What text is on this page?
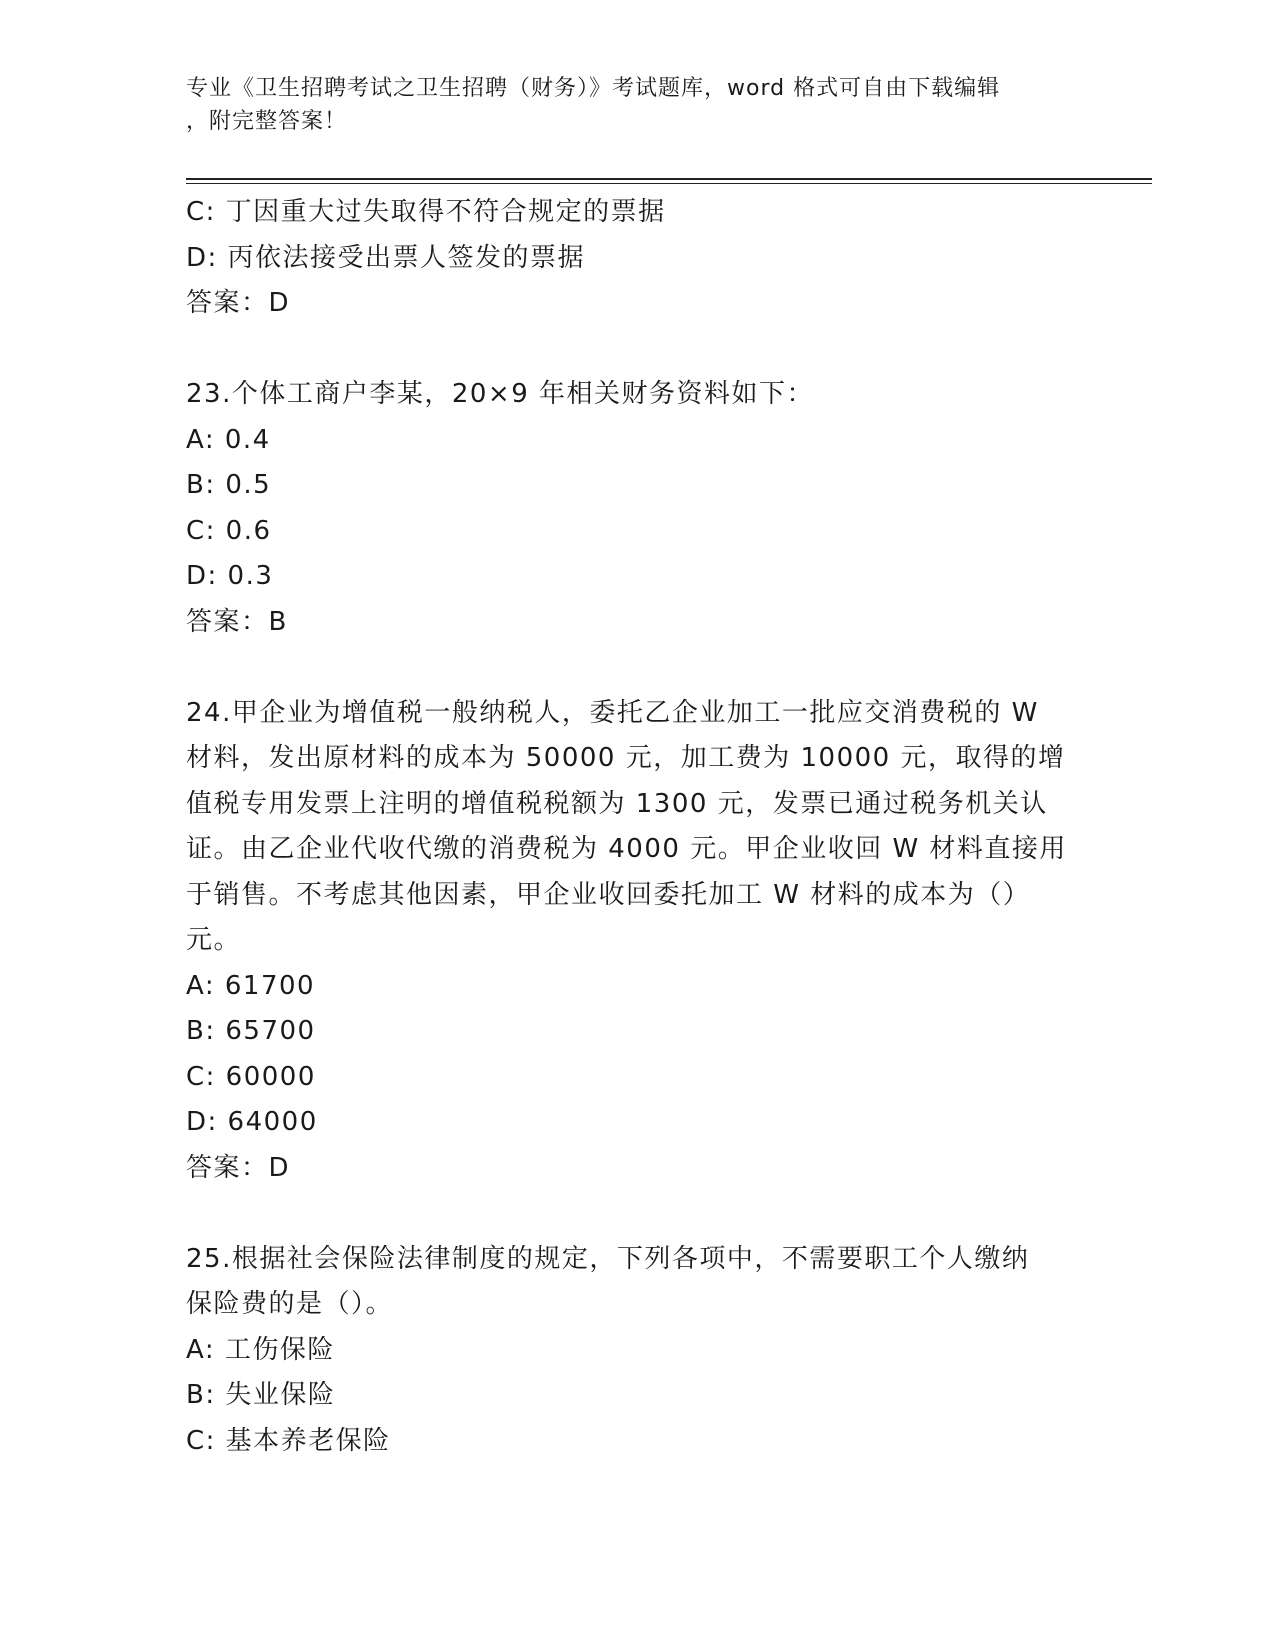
专业《卫生招聘考试之卫生招聘（财务）》考试题库，word 格式可自由下载编辑
，附完整答案！
C: 丁因重大过失取得不符合规定的票据
D: 丙依法接受出票人签发的票据
答案：D
23.个体工商户李某，20×9 年相关财务资料如下：
A: 0.4
B: 0.5
C: 0.6
D: 0.3
答案：B
24.甲企业为增值税一般纳税人，委托乙企业加工一批应交消费税的 W
材料，发出原材料的成本为 50000 元，加工费为 10000 元，取得的增
值税专用发票上注明的增值税税额为 1300 元，发票已通过税务机关认
证。由乙企业代收代缴的消费税为 4000 元。甲企业收回 W 材料直接用
于销售。不考虑其他因素，甲企业收回委托加工 W 材料的成本为（）
元。
A: 61700
B: 65700
C: 60000
D: 64000
答案：D
25.根据社会保险法律制度的规定，下列各项中，不需要职工个人缴纳
保险费的是（）。
A: 工伤保险
B: 失业保险
C: 基本养老保险
